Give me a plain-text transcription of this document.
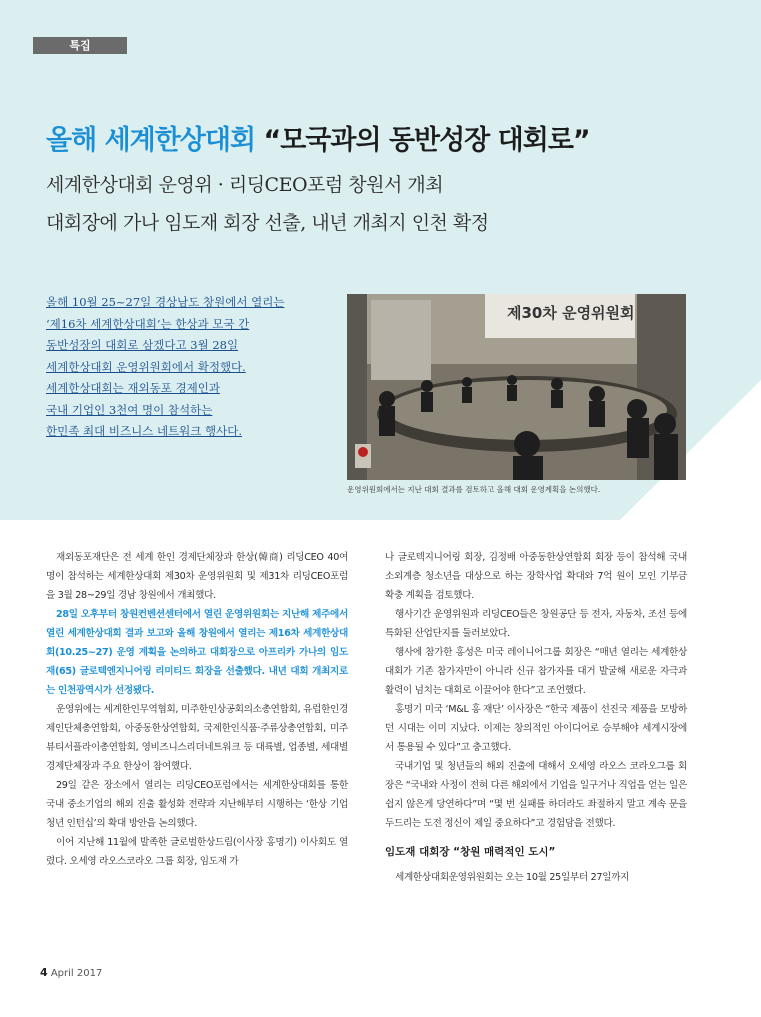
특집
올해 세계한상대회 “모국과의 동반성장 대회로”
세계한상대회 운영위 · 리딩CEO포럼 창원서 개최
대회장에 가나 임도재 회장 선출, 내년 개최지 인천 확정
올해 10월 25~27일 경상남도 창원에서 열리는
‘제16차 세계한상대회’는 한상과 모국 간
동반성장의 대회로 삼겠다고 3월 28일
세계한상대회 운영위원회에서 확정했다.
세계한상대회는 재외동포 경제인과
국내 기업인 3천여 명이 참석하는
한민족 최대 비즈니스 네트워크 행사다.
제30차 운영위원회
운영위원회에서는 지난 대회 결과를 검토하고 올해 대회 운영계획을 논의했다.

재외동포재단은 전 세계 한인 경제단체장과 한상(韓商) 리딩CEO 40여 명이 참석하는 세계한상대회 제30차 운영위원회 및 제31차 리딩CEO포럼을 3월 28~29일 경남 창원에서 개최했다.

28일 오후부터 창원컨벤션센터에서 열린 운영위원회는 지난해 제주에서 열린 세계한상대회 결과 보고와 올해 창원에서 열리는 제16차 세계한상대회(10.25~27) 운영 계획을 논의하고 대회장으로 아프리카 가나의 임도재(65) 글로텍엔지니어링 리미티드 회장을 선출했다. 내년 대회 개최지로는 인천광역시가 선정됐다.

운영위에는 세계한인무역협회, 미주한인상공회의소총연합회, 유럽한인경제인단체총연합회, 아중동한상연합회, 국제한인식품·주류상총연합회, 미주뷰티서플라이총연합회, 영비즈니스리더네트워크 등 대륙별, 업종별, 세대별 경제단체장과 주요 한상이 참여했다.

29일 같은 장소에서 열리는 리딩CEO포럼에서는 세계한상대회를 통한 국내 중소기업의 해외 진출 활성화 전략과 지난해부터 시행하는 ‘한상 기업 청년 인턴십’의 확대 방안을 논의했다.

이어 지난해 11월에 발족한 글로벌한상드림(이사장 홍명기) 이사회도 열렸다. 오세영 라오스코라오 그룹 회장, 임도재 가

나 글로텍지니어링 회장, 김정배 아중동한상연합회 회장 등이 참석해 국내 소외계층 청소년을 대상으로 하는 장학사업 확대와 7억 원이 모인 기부금 확충 계획을 검토했다.

행사기간 운영위원과 리딩CEO들은 창원공단 등 전자, 자동차, 조선 등에 특화된 산업단지를 둘러보았다.

행사에 참가한 홍성은 미국 레이니어그룹 회장은 “매년 열리는 세계한상대회가 기존 참가자만이 아니라 신규 참가자를 대거 발굴해 새로운 자극과 활력이 넘치는 대회로 이끌어야 한다”고 조언했다.

홍명기 미국 ‘M&L 홍 재단’ 이사장은 “한국 제품이 선진국 제품을 모방하던 시대는 이미 지났다. 이제는 창의적인 아이디어로 승부해야 세계시장에서 통용될 수 있다”고 충고했다.

국내기업 및 청년들의 해외 진출에 대해서 오세영 라오스 코라오그룹 회장은 “국내와 사정이 전혀 다른 해외에서 기업을 일구거나 직업을 얻는 일은 쉽지 않은게 당연하다”며 “몇 번 실패를 하더라도 좌절하지 말고 계속 문을 두드리는 도전 정신이 제일 중요하다”고 경험담을 전했다.

임도재 대회장 “창원 매력적인 도시”

세계한상대회운영위원회는 오는 10월 25일부터 27일까지

4 April 2017
